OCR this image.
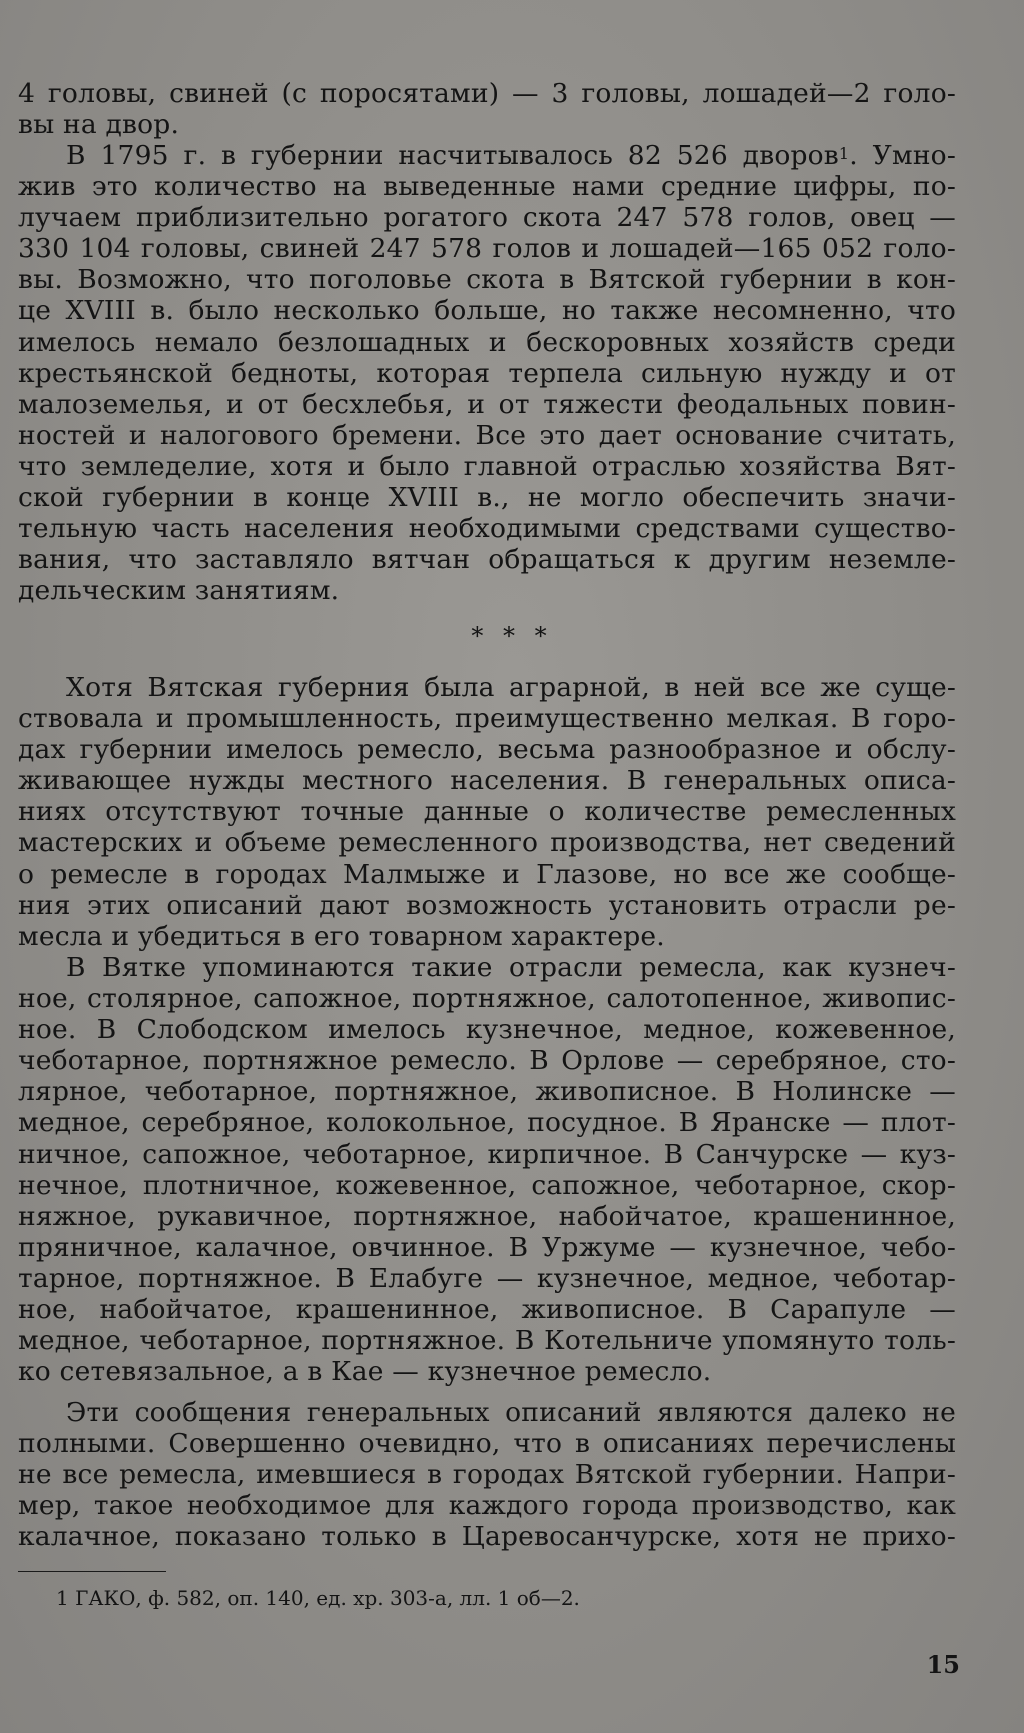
4 головы, свиней (с поросятами) — 3 головы, лошадей—2 голо-
вы на двор.
В 1795 г. в губернии насчитывалось 82 526 дворов$^1$. Умно-
жив это количество на выведенные нами средние цифры, по-
лучаем приблизительно рогатого скота 247 578 голов, овец —
330 104 головы, свиней 247 578 голов и лошадей—165 052 голо-
вы. Возможно, что поголовье скота в Вятской губернии в кон-
це XVIII в. было несколько больше, но также несомненно, что
имелось немало безлошадных и бескоровных хозяйств среди
крестьянской бедноты, которая терпела сильную нужду и от
малоземелья, и от бесхлебья, и от тяжести феодальных повин-
ностей и налогового бремени. Все это дает основание считать,
что земледелие, хотя и было главной отраслью хозяйства Вят-
ской губернии в конце XVIII в., не могло обеспечить значи-
тельную часть населения необходимыми средствами существо-
вания, что заставляло вятчан обращаться к другим неземле-
дельческим занятиям.
* * *
Хотя Вятская губерния была аграрной, в ней все же суще-
ствовала и промышленность, преимущественно мелкая. В горо-
дах губернии имелось ремесло, весьма разнообразное и обслу-
живающее нужды местного населения. В генеральных описа-
ниях отсутствуют точные данные о количестве ремесленных
мастерских и объеме ремесленного производства, нет сведений
о ремесле в городах Малмыже и Глазове, но все же сообще-
ния этих описаний дают возможность установить отрасли ре-
месла и убедиться в его товарном характере.
В Вятке упоминаются такие отрасли ремесла, как кузнеч-
ное, столярное, сапожное, портняжное, салотопенное, живопис-
ное. В Слободском имелось кузнечное, медное, кожевенное,
чеботарное, портняжное ремесло. В Орлове — серебряное, сто-
лярное, чеботарное, портняжное, живописное. В Нолинске —
медное, серебряное, колокольное, посудное. В Яранске — плот-
ничное, сапожное, чеботарное, кирпичное. В Санчурске — куз-
нечное, плотничное, кожевенное, сапожное, чеботарное, скор-
няжное, рукавичное, портняжное, набойчатое, крашенинное,
пряничное, калачное, овчинное. В Уржуме — кузнечное, чебо-
тарное, портняжное. В Елабуге — кузнечное, медное, чеботар-
ное, набойчатое, крашенинное, живописное. В Сарапуле —
медное, чеботарное, портняжное. В Котельниче упомянуто толь-
ко сетевязальное, а в Кае — кузнечное ремесло.
Эти сообщения генеральных описаний являются далеко не
полными. Совершенно очевидно, что в описаниях перечислены
не все ремесла, имевшиеся в городах Вятской губернии. Напри-
мер, такое необходимое для каждого города производство, как
калачное, показано только в Царевосанчурске, хотя не прихо-
1 ГАКО, ф. 582, оп. 140, ед. хр. 303-а, лл. 1 об—2.
15
